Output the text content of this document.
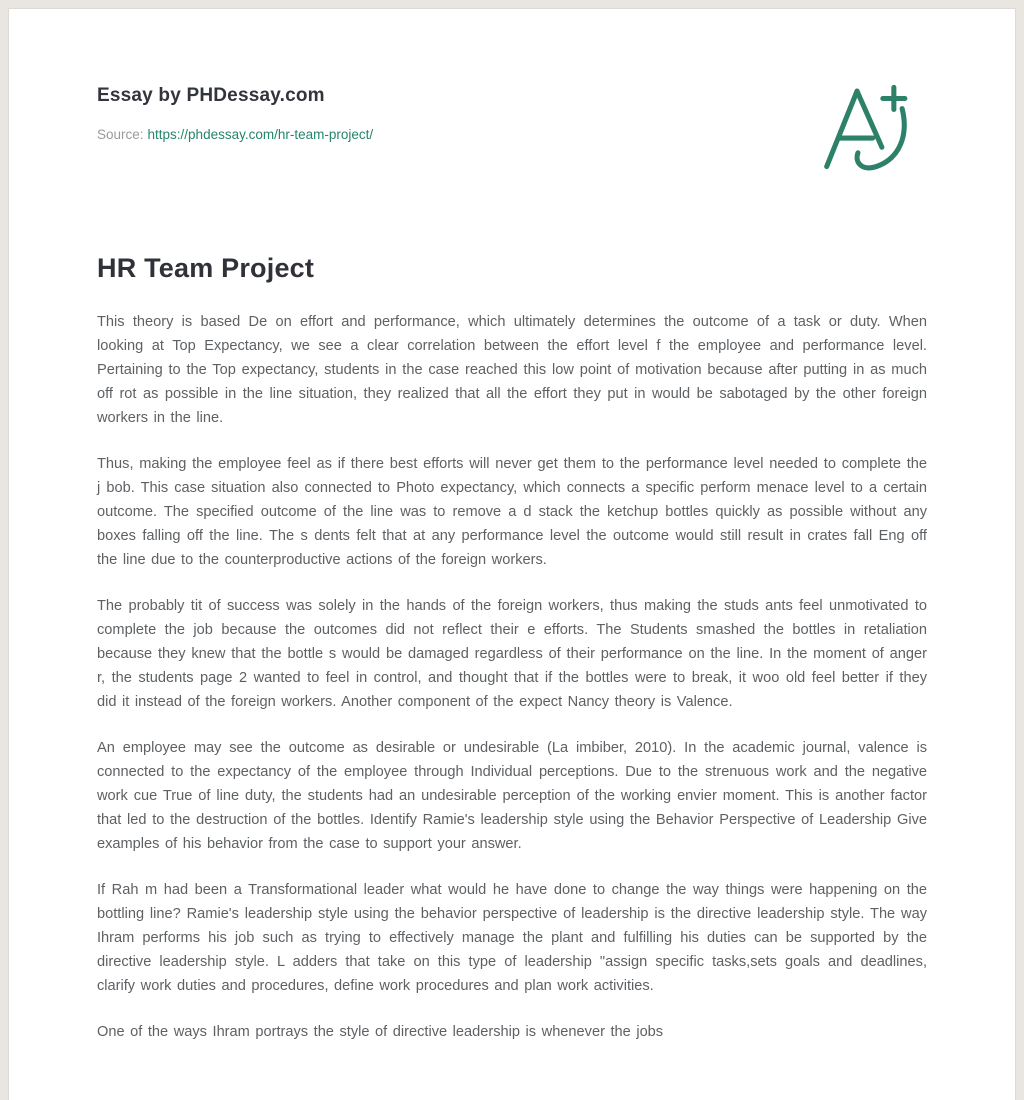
Essay by PHDessay.com
Source: https://phdessay.com/hr-team-project/
HR Team Project

This theory is based De on effort and performance, which ultimately determines the outcome of a task or duty. When looking at Top Expectancy, we see a clear correlation between the effort level f the employee and performance level. Pertaining to the Top expectancy, students in the case reached this low point of motivation because after putting in as much off rot as possible in the line situation, they realized that all the effort they put in would be sabotaged by the other foreign workers in the line.

Thus, making the employee feel as if there best efforts will never get them to the performance level needed to complete the j bob. This case situation also connected to Photo expectancy, which connects a specific perform menace level to a certain outcome. The specified outcome of the line was to remove a d stack the ketchup bottles quickly as possible without any boxes falling off the line. The s dents felt that at any performance level the outcome would still result in crates fall Eng off the line due to the counterproductive actions of the foreign workers.

The probably tit of success was solely in the hands of the foreign workers, thus making the studs ants feel unmotivated to complete the job because the outcomes did not reflect their e efforts. The Students smashed the bottles in retaliation because they knew that the bottle s would be damaged regardless of their performance on the line. In the moment of anger r, the students page 2 wanted to feel in control, and thought that if the bottles were to break, it woo old feel better if they did it instead of the foreign workers. Another component of the expect Nancy theory is Valence.

An employee may see the outcome as desirable or undesirable (La imbiber, 2010). In the academic journal, valence is connected to the expectancy of the employee through Individual perceptions. Due to the strenuous work and the negative work cue True of line duty, the students had an undesirable perception of the working envier moment. This is another factor that led to the destruction of the bottles. Identify Ramie's leadership style using the Behavior Perspective of Leadership Give examples of his behavior from the case to support your answer.

If Rah m had been a Transformational leader what would he have done to change the way things were happening on the bottling line? Ramie's leadership style using the behavior perspective of leadership is the directive leadership style. The way Ihram performs his job such as trying to effectively manage the plant and fulfilling his duties can be supported by the directive leadership style. L adders that take on this type of leadership "assign specific tasks,sets goals and deadlines, clarify work duties and procedures, define work procedures and plan work activities.

One of the ways Ihram portrays the style of directive leadership is whenever the jobs
